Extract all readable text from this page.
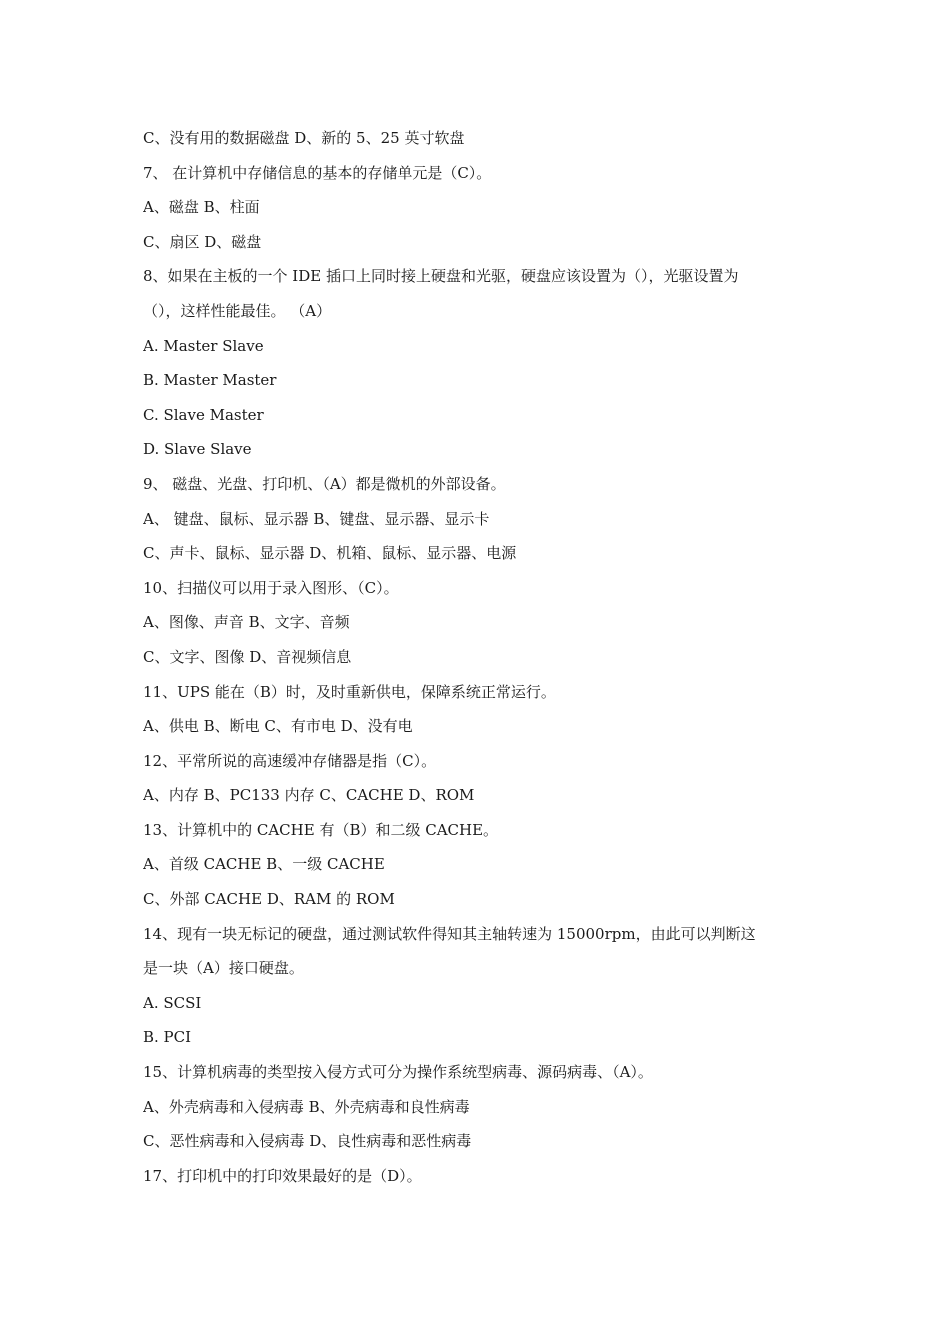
C、没有用的数据磁盘 D、新的 5、25 英寸软盘
7、 在计算机中存储信息的基本的存储单元是（C）。
A、磁盘 B、柱面
C、扇区 D、磁盘
8、如果在主板的一个 IDE 插口上同时接上硬盘和光驱，硬盘应该设置为（），光驱设置为
（），这样性能最佳。 （A）
A. Master Slave
B. Master Master
C. Slave Master
D. Slave Slave
9、 磁盘、光盘、打印机、（A）都是微机的外部设备。
A、 键盘、鼠标、显示器 B、键盘、显示器、显示卡
C、声卡、鼠标、显示器 D、机箱、鼠标、显示器、电源
10、扫描仪可以用于录入图形、（C）。
A、图像、声音 B、文字、音频
C、文字、图像 D、音视频信息
11、UPS 能在（B）时，及时重新供电，保障系统正常运行。
A、供电 B、断电 C、有市电 D、没有电
12、平常所说的高速缓冲存储器是指（C）。
A、内存 B、PC133 内存 C、CACHE D、ROM
13、计算机中的 CACHE 有（B）和二级 CACHE。
A、首级 CACHE B、一级 CACHE
C、外部 CACHE D、RAM 的 ROM
14、现有一块无标记的硬盘，通过测试软件得知其主轴转速为 15000rpm，由此可以判断这
是一块（A）接口硬盘。
A. SCSI
B. PCI
15、计算机病毒的类型按入侵方式可分为操作系统型病毒、源码病毒、（A）。
A、外壳病毒和入侵病毒 B、外壳病毒和良性病毒
C、恶性病毒和入侵病毒 D、良性病毒和恶性病毒
17、打印机中的打印效果最好的是（D）。
